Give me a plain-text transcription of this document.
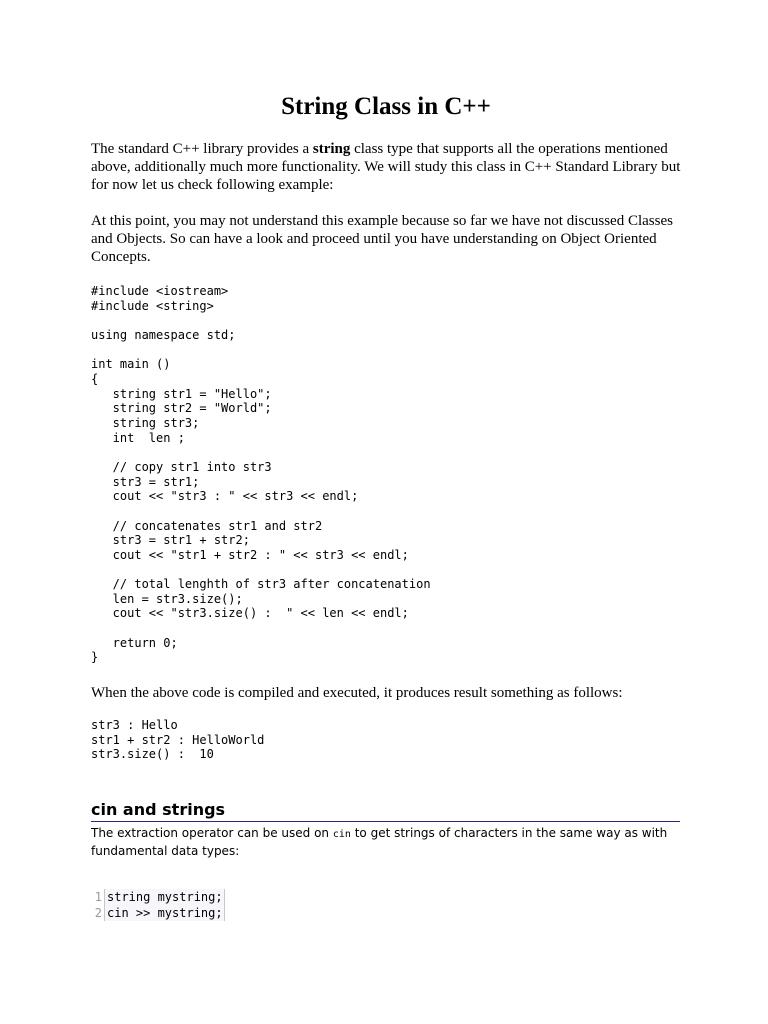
String Class in C++

The standard C++ library provides a string class type that supports all the operations mentioned above, additionally much more functionality. We will study this class in C++ Standard Library but for now let us check following example:

At this point, you may not understand this example because so far we have not discussed Classes and Objects. So can have a look and proceed until you have understanding on Object Oriented Concepts.

#include <iostream>
#include <string>

using namespace std;

int main ()
{
string str1 = "Hello";
string str2 = "World";
string str3;
int  len ;

// copy str1 into str3
str3 = str1;
cout << "str3 : " << str3 << endl;

// concatenates str1 and str2
str3 = str1 + str2;
cout << "str1 + str2 : " << str3 << endl;

// total lenghth of str3 after concatenation
len = str3.size();
cout << "str3.size() :  " << len << endl;

return 0;
}

When the above code is compiled and executed, it produces result something as follows:

str3 : Hello
str1 + str2 : HelloWorld
str3.size() :  10
cin and strings

The extraction operator can be used on cin to get strings of characters in the same way as with fundamental data types:

1 string mystring;
2 cin >> mystring;
